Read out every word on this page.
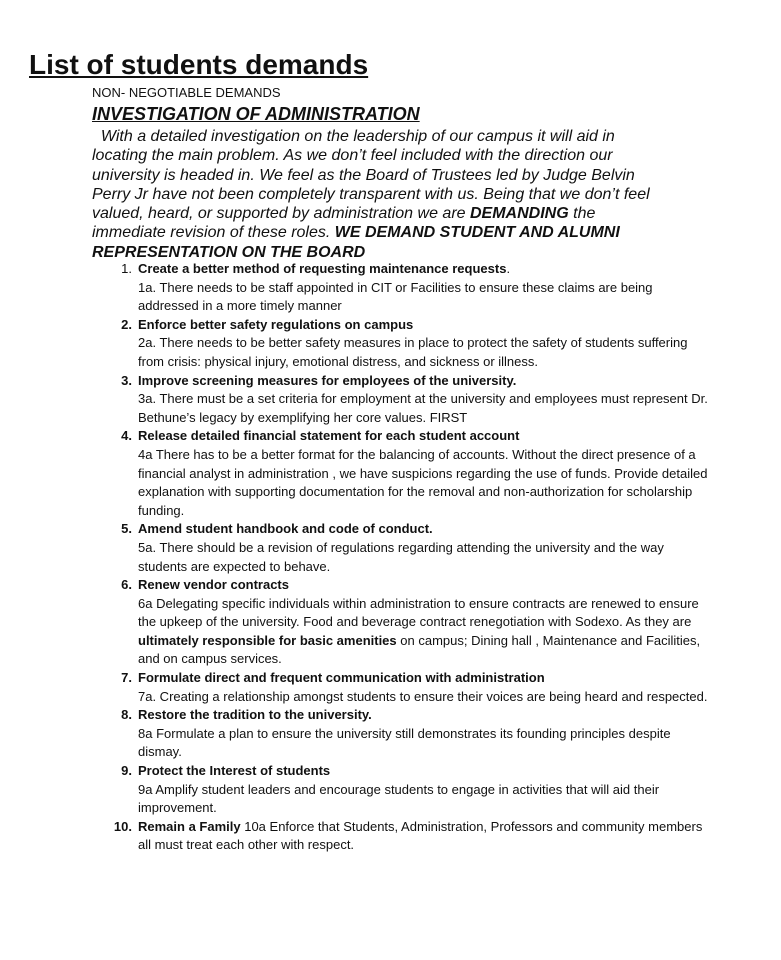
List of students demands
NON- NEGOTIABLE DEMANDS
INVESTIGATION OF ADMINISTRATION

With a detailed investigation on the leadership of our campus it will aid in locating the main problem. As we don’t feel included with the direction our university is headed in. We feel as the Board of Trustees led by Judge Belvin Perry Jr have not been completely transparent with us. Being that we don’t feel valued, heard, or supported by administration we are DEMANDING the immediate revision of these roles. WE DEMAND STUDENT AND ALUMNI REPRESENTATION ON THE BOARD

1. Create a better method of requesting maintenance requests.
1a. There needs to be staff appointed in CIT or Facilities to ensure these claims are being addressed in a more timely manner
2. Enforce better safety regulations on campus
2a. There needs to be better safety measures in place to protect the safety of students suffering from crisis: physical injury, emotional distress, and sickness or illness.
3. Improve screening measures for employees of the university.
3a. There must be a set criteria for employment at the university and employees must represent Dr. Bethune’s legacy by exemplifying her core values. FIRST
4. Release detailed financial statement for each student account
4a There has to be a better format for the balancing of accounts. Without the direct presence of a financial analyst in administration , we have suspicions regarding the use of funds. Provide detailed explanation with supporting documentation for the removal and non-authorization for scholarship funding.
5. Amend student handbook and code of conduct.
5a. There should be a revision of regulations regarding attending the university and the way students are expected to behave.
6. Renew vendor contracts
6a Delegating specific individuals within administration to ensure contracts are renewed to ensure the upkeep of the university. Food and beverage contract renegotiation with Sodexo. As they are ultimately responsible for basic amenities on campus; Dining hall , Maintenance and Facilities, and on campus services.
7. Formulate direct and frequent communication with administration
7a. Creating a relationship amongst students to ensure their voices are being heard and respected.
8. Restore the tradition to the university.
8a Formulate a plan to ensure the university still demonstrates its founding principles despite dismay.
9. Protect the Interest of students
9a Amplify student leaders and encourage students to engage in activities that will aid their improvement.
10. Remain a Family 10a Enforce that Students, Administration, Professors and community members all must treat each other with respect.
